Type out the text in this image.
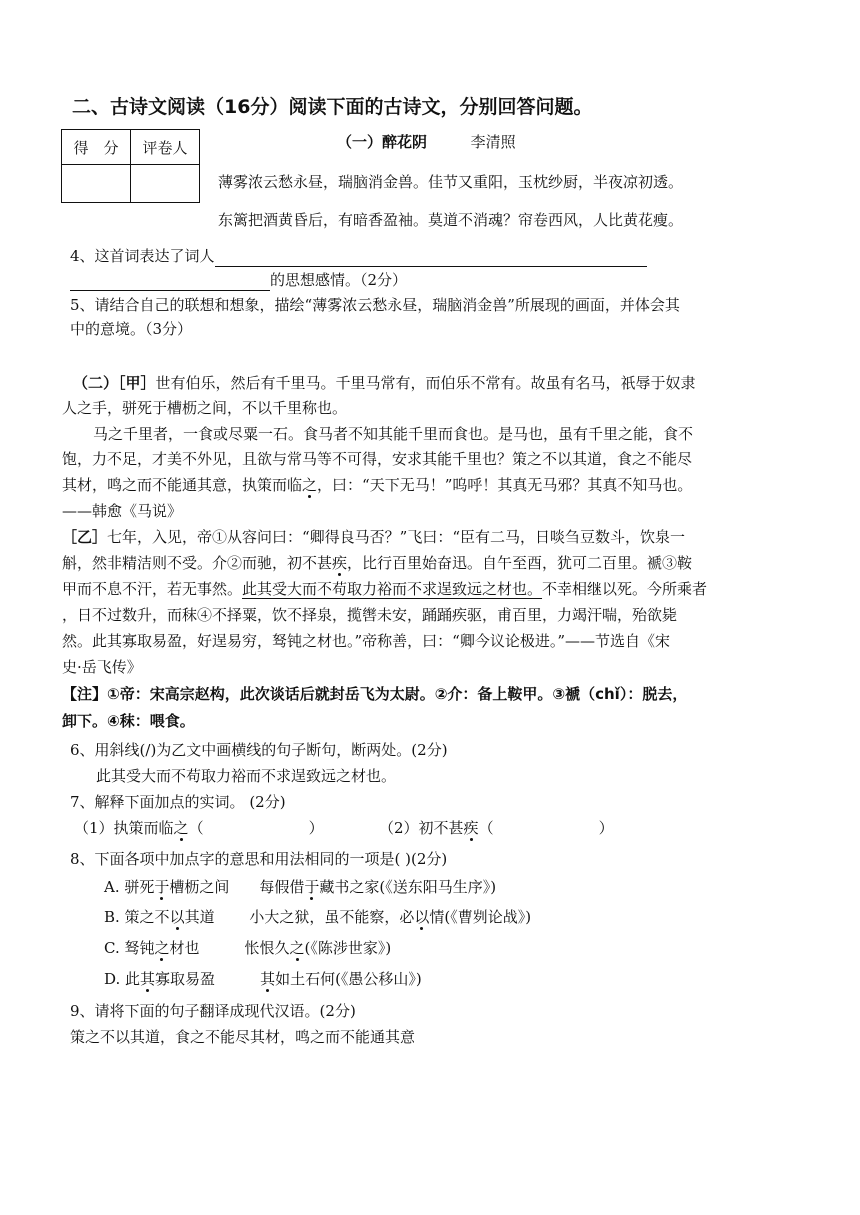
二、古诗文阅读（16分）阅读下面的古诗文，分别回答问题。
得　分	评卷人
		（一）醉花阴	李清照
薄雾浓云愁永昼，瑞脑消金兽。佳节又重阳，玉枕纱厨，半夜凉初透。
东篱把酒黄昏后，有暗香盈袖。莫道不消魂？帘卷西风，人比黄花瘦。
4、这首词表达了词人
的思想感情。（2分）
5、请结合自己的联想和想象，描绘“薄雾浓云愁永昼，瑞脑消金兽”所展现的画面，并体会其
中的意境。（3分）
（二）［甲］世有伯乐，然后有千里马。千里马常有，而伯乐不常有。故虽有名马，祇辱于奴隶
人之手，骈死于槽枥之间，不以千里称也。
马之千里者，一食或尽粟一石。食马者不知其能千里而食也。是马也，虽有千里之能，食不
饱，力不足，才美不外见，且欲与常马等不可得，安求其能千里也？策之不以其道，食之不能尽
其材，鸣之而不能通其意，执策而临之，曰：“天下无马！”呜呼！其真无马邪？其真不知马也。
——韩愈《马说》
［乙］七年，入见，帝①从容问曰：“卿得良马否？”飞曰：“臣有二马，日啖刍豆数斗，饮泉一
斛，然非精洁则不受。介②而驰，初不甚疾，比行百里始奋迅。自午至酉，犹可二百里。褫③鞍
甲而不息不汗，若无事然。此其受大而不苟取力裕而不求逞致远之材也。不幸相继以死。今所乘者
，日不过数升，而秣④不择粟，饮不择泉，揽辔未安，踊踊疾驱，甫百里，力竭汗喘，殆欲毙
然。此其寡取易盈，好逞易穷，驽钝之材也。”帝称善，曰：“卿今议论极进。”——节选自《宋
史·岳飞传》
【注】①帝：宋高宗赵构，此次谈话后就封岳飞为太尉。②介：备上鞍甲。③褫（chǐ）：脱去，
卸下。④秣：喂食。
6、用斜线(/)为乙文中画横线的句子断句，断两处。(2分)
此其受大而不苟取力裕而不求逞致远之材也。
7、解释下面加点的实词。 (2分)
（1）执策而临之（　　　　　　　）	（2）初不甚疾（　　　　　　　）
8、下面各项中加点字的意思和用法相同的一项是( )(2分)
A. 骈死于槽枥之间　　每假借于藏书之家(《送东阳马生序》)
B. 策之不以其道　　 小大之狱，虽不能察，必以情(《曹刿论战》)
C. 驽钝之材也　　　怅恨久之(《陈涉世家》)
D. 此其寡取易盈　　　其如土石何(《愚公移山》)
9、请将下面的句子翻译成现代汉语。(2分)
策之不以其道，食之不能尽其材，鸣之而不能通其意
